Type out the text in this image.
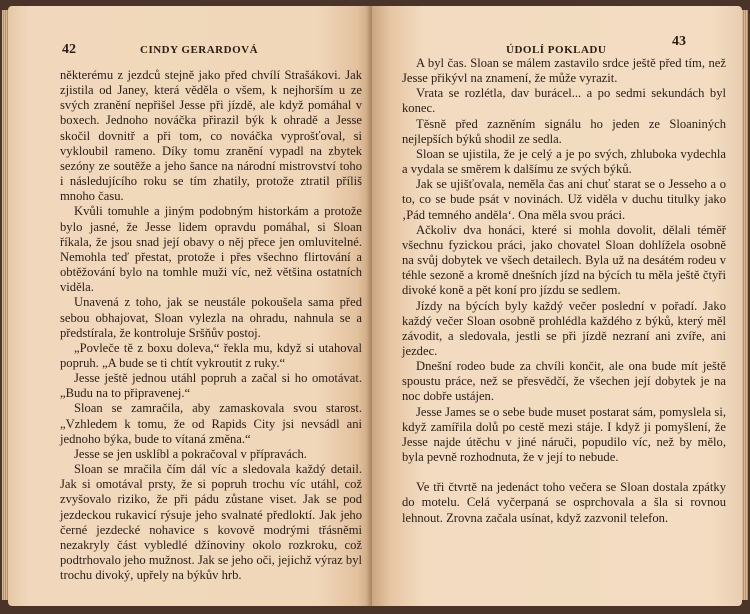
42	CINDY GERARDOVÁ

některému z jezdců stejně jako před chvílí Strašákovi. Jak zjistila od Janey, která věděla o všem, k nejhorším u ze svých zranění nepřišel Jesse při jízdě, ale když pomáhal v boxech. Jednoho nováčka přirazil býk k ohradě a Jesse skočil dovnitř a při tom, co nováčka vyprošťoval, si vykloubil rameno. Díky tomu zranění vypadl na zbytek sezóny ze soutěže a jeho šance na národní mistrovství toho i následujícího roku se tím zhatily, protože ztratil příliš mnoho času.

Kvůli tomuhle a jiným podobným historkám a protože bylo jasné, že Jesse lidem opravdu pomáhal, si Sloan říkala, že jsou snad její obavy o něj přece jen omluvitelné. Nemohla teď přestat, protože i přes všechno flirtování a obtěžování bylo na tomhle muži víc, než většina ostatních viděla.

Unavená z toho, jak se neustále pokoušela sama před sebou obhajovat, Sloan vylezla na ohradu, nahnula se a předstírala, že kontroluje Sršňův postoj.

„Povleče tě z boxu doleva,“ řekla mu, když si utahoval popruh. „A bude se ti chtít vykroutit z ruky.“

Jesse ještě jednou utáhl popruh a začal si ho omotávat. „Budu na to připravenej.“

Sloan se zamračila, aby zamaskovala svou starost. „Vzhledem k tomu, že od Rapids City jsi nevsádl ani jednoho býka, bude to vítaná změna.“

Jesse se jen usklíbl a pokračoval v přípravách.

Sloan se mračila čím dál víc a sledovala každý detail. Jak si omotával prsty, že si popruh trochu víc utáhl, což zvyšovalo riziko, že při pádu zůstane viset. Jak se pod jezdeckou rukavicí rýsuje jeho svalnaté předloktí. Jak jeho černé jezdecké nohavice s kovově modrými třásněmi nezakryly část vybledlé džínoviny okolo rozkroku, což podtrhovalo jeho mužnost. Jak se jeho oči, jejichž výraz byl trochu divoký, upřely na býkův hrb.

ÚDOLÍ POKLADU
43

A byl čas. Sloan se málem zastavilo srdce ještě před tím, než Jesse přikývl na znamení, že může vyrazit.

Vrata se rozlétla, dav burácel... a po sedmi sekundách byl konec.

Těsně před zazněním signálu ho jeden ze Sloaniných nejlepších býků shodil ze sedla.

Sloan se ujistila, že je celý a je po svých, zhluboka vydechla a vydala se směrem k dalšímu ze svých býků.

Jak se ujišťovala, neměla čas ani chuť starat se o Jesseho a o to, co se bude psát v novinách. Už viděla v duchu titulky jako ‚Pád temného anděla‘. Ona měla svou práci.

Ačkoliv dva honáci, které si mohla dovolit, dělali téměř všechnu fyzickou práci, jako chovatel Sloan dohlížela osobně na svůj dobytek ve všech detailech. Byla už na desátém rodeu v téhle sezoně a kromě dnešních jízd na býcích tu měla ještě čtyři divoké koně a pět koní pro jízdu se sedlem.

Jízdy na býcích byly každý večer poslední v pořadí. Jako každý večer Sloan osobně prohlédla každého z býků, který měl závodit, a sledovala, jestli se při jízdě nezraní ani zvíře, ani jezdec.

Dnešní rodeo bude za chvíli končit, ale ona bude mít ještě spoustu práce, než se přesvědčí, že všechen její dobytek je na noc dobře ustájen.

Jesse James se o sebe bude muset postarat sám, pomyslela si, když zamířila dolů po cestě mezi stáje. I když ji pomyšlení, že Jesse najde útěchu v jiné náruči, popudilo víc, než by mělo, byla pevně rozhodnuta, že v její to nebude.

Ve tři čtvrtě na jedenáct toho večera se Sloan dostala zpátky do motelu. Celá vyčerpaná se osprchovala a šla si rovnou lehnout. Zrovna začala usínat, když zazvonil telefon.
